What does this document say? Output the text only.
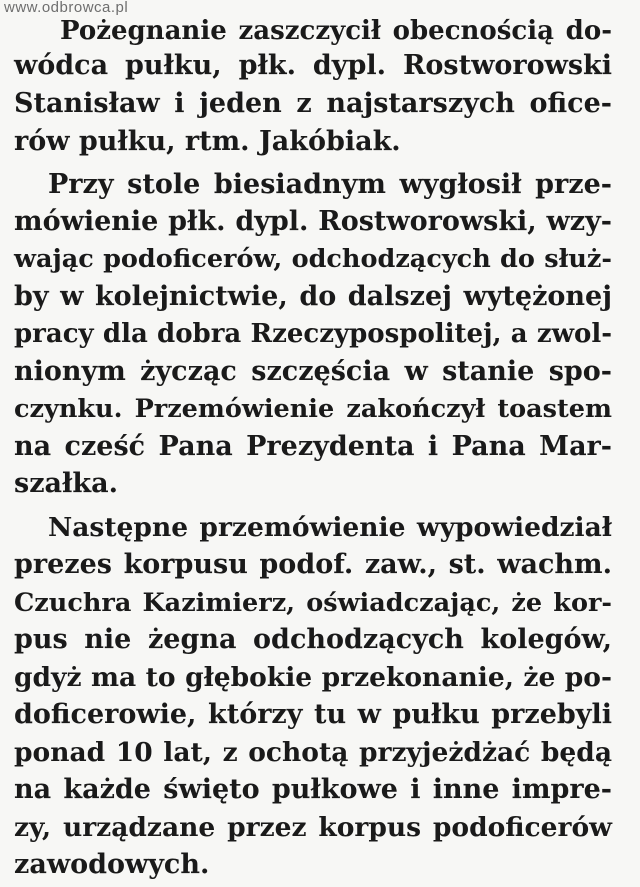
www.odbrowca.pl
Pożegnanie zaszczycił obecnością do-
wódca pułku, płk. dypl. Rostworowski
Stanisław i jeden z najstarszych ofice-
rów pułku, rtm. Jakóbiak.
Przy stole biesiadnym wygłosił prze-
mówienie płk. dypl. Rostworowski, wzy-
wając podoficerów, odchodzących do służ-
by w kolejnictwie, do dalszej wytężonej
pracy dla dobra Rzeczypospolitej, a zwol-
nionym życząc szczęścia w stanie spo-
czynku. Przemówienie zakończył toastem
na cześć Pana Prezydenta i Pana Mar-
szałka.
Następne przemówienie wypowiedział
prezes korpusu podof. zaw., st. wachm.
Czuchra Kazimierz, oświadczając, że kor-
pus nie żegna odchodzących kolegów,
gdyż ma to głębokie przekonanie, że po-
doficerowie, którzy tu w pułku przebyli
ponad 10 lat, z ochotą przyjeżdżać będą
na każde święto pułkowe i inne impre-
zy, urządzane przez korpus podoficerów
zawodowych.
